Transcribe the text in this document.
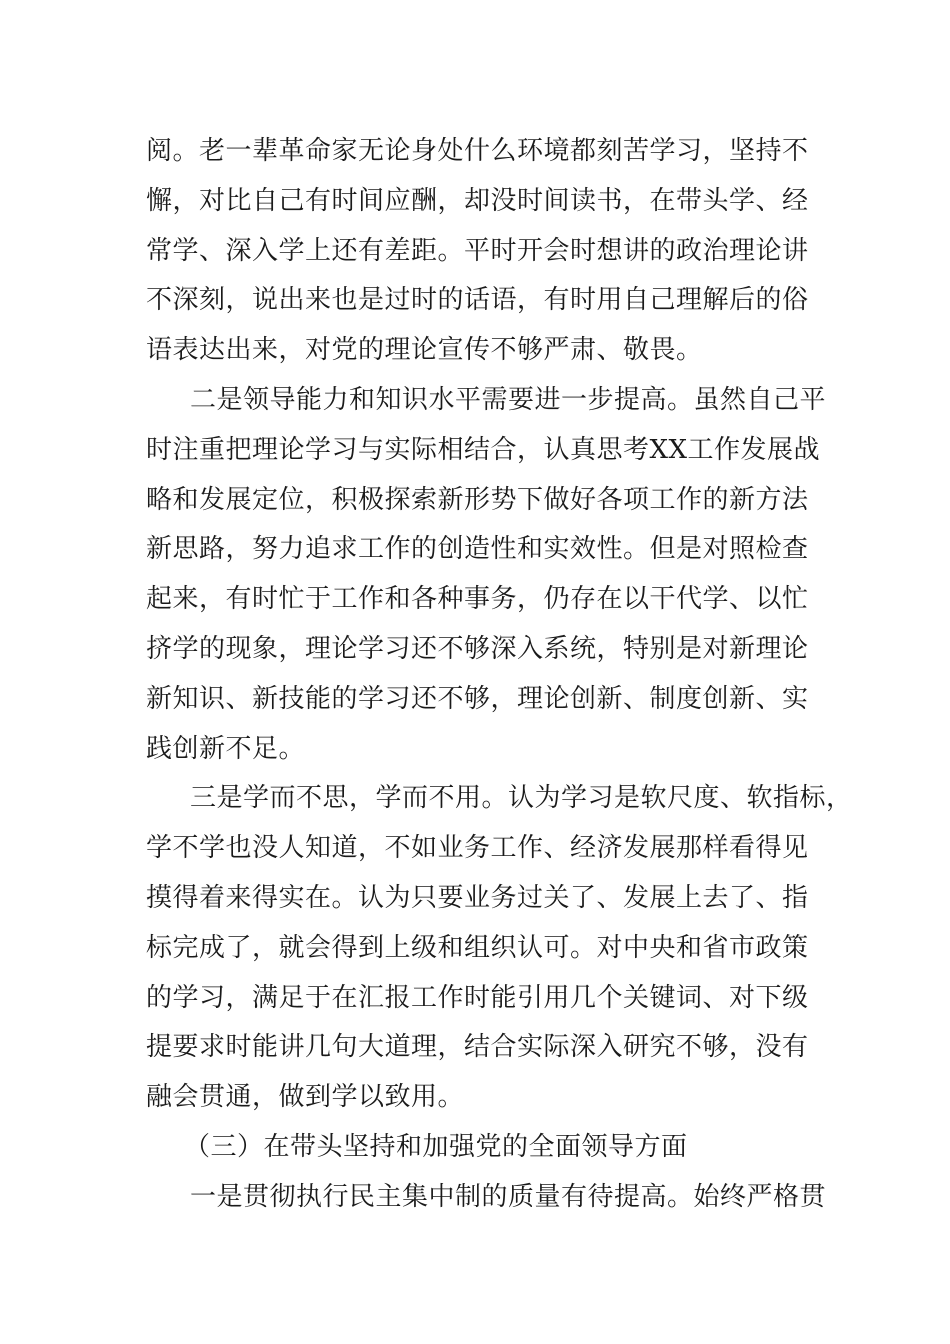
阅。老一辈革命家无论身处什么环境都刻苦学习，坚持不
懈，对比自己有时间应酬，却没时间读书，在带头学、经
常学、深入学上还有差距。平时开会时想讲的政治理论讲
不深刻，说出来也是过时的话语，有时用自己理解后的俗
语表达出来，对党的理论宣传不够严肃、敬畏。
二是领导能力和知识水平需要进一步提高。虽然自己平
时注重把理论学习与实际相结合，认真思考XX工作发展战
略和发展定位，积极探索新形势下做好各项工作的新方法
新思路，努力追求工作的创造性和实效性。但是对照检查
起来，有时忙于工作和各种事务，仍存在以干代学、以忙
挤学的现象，理论学习还不够深入系统，特别是对新理论
新知识、新技能的学习还不够，理论创新、制度创新、实
践创新不足。
三是学而不思，学而不用。认为学习是软尺度、软指标，
学不学也没人知道，不如业务工作、经济发展那样看得见
摸得着来得实在。认为只要业务过关了、发展上去了、指
标完成了，就会得到上级和组织认可。对中央和省市政策
的学习，满足于在汇报工作时能引用几个关键词、对下级
提要求时能讲几句大道理，结合实际深入研究不够，没有
融会贯通，做到学以致用。
（三）在带头坚持和加强党的全面领导方面
一是贯彻执行民主集中制的质量有待提高。始终严格贯
